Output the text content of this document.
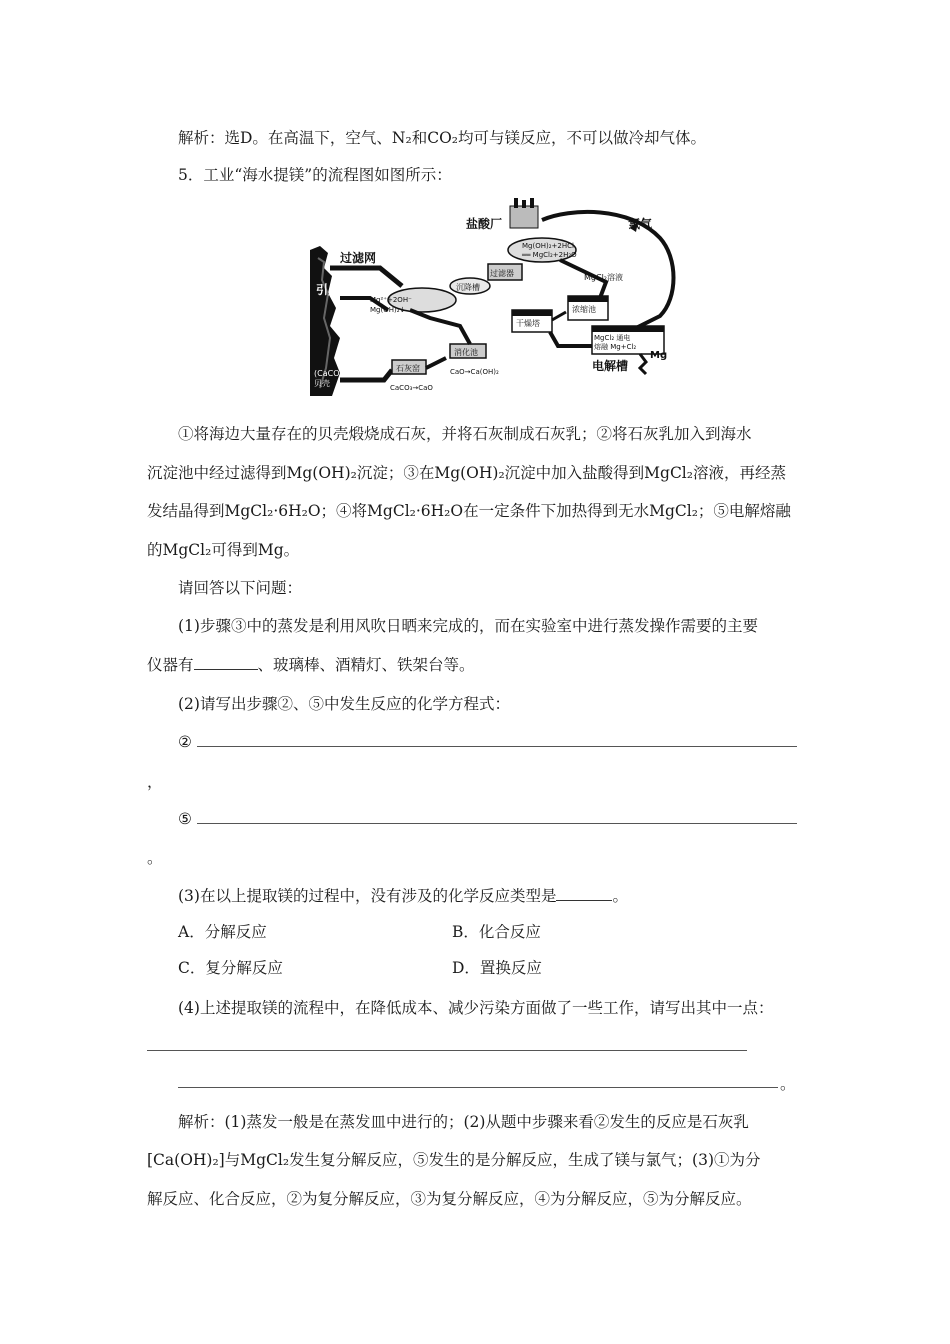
解析：选D。在高温下，空气、N₂和CO₂均可与镁反应，不可以做冷却气体。
5．工业“海水提镁”的流程图如图所示：
盐酸厂	氯气
过滤网
引入海水
Mg²⁺+2OH⁻
Mg(OH)₂↓
沉降槽
过滤器
Mg(OH)₂+2HCl
══ MgCl₂+2H₂O
MgCl₂溶液
浓缩池
干燥塔
MgCl₂ 通电
熔融 Mg+Cl₂
Mg
电解槽
(CaCO₃)
贝壳
石灰窑
CaCO₃→CaO
消化池
CaO→Ca(OH)₂
①将海边大量存在的贝壳煅烧成石灰，并将石灰制成石灰乳；②将石灰乳加入到海水
沉淀池中经过滤得到Mg(OH)₂沉淀；③在Mg(OH)₂沉淀中加入盐酸得到MgCl₂溶液，再经蒸
发结晶得到MgCl₂·6H₂O；④将MgCl₂·6H₂O在一定条件下加热得到无水MgCl₂；⑤电解熔融
的MgCl₂可得到Mg。
请回答以下问题：
(1)步骤③中的蒸发是利用风吹日晒来完成的，而在实验室中进行蒸发操作需要的主要
仪器有	、玻璃棒、酒精灯、铁架台等。
(2)请写出步骤②、⑤中发生反应的化学方程式：
②
，
⑤
。
(3)在以上提取镁的过程中，没有涉及的化学反应类型是	。
A．分解反应	B．化合反应
C．复分解反应	D．置换反应
(4)上述提取镁的流程中，在降低成本、减少污染方面做了一些工作，请写出其中一点：
。
解析：(1)蒸发一般是在蒸发皿中进行的；(2)从题中步骤来看②发生的反应是石灰乳
[Ca(OH)₂]与MgCl₂发生复分解反应，⑤发生的是分解反应，生成了镁与氯气；(3)①为分
解反应、化合反应，②为复分解反应，③为复分解反应，④为分解反应，⑤为分解反应。
